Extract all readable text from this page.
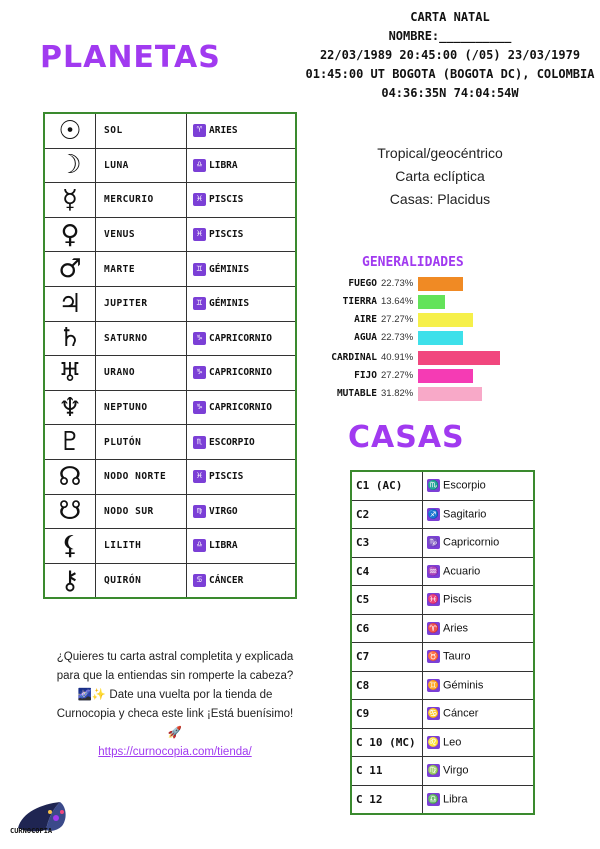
PLANETAS
CARTA NATAL
NOMBRE:__________
22/03/1989 20:45:00 (/05) 23/03/1979
01:45:00 UT BOGOTA (BOGOTA DC), COLOMBIA
04:36:35N 74:04:54W
Tropical/geocéntrico
Carta eclíptica
Casas: Placidus
☉	SOL	♈ ARIES
☽	LUNA	♎ LIBRA
☿	MERCURIO	♓ PISCIS
♀	VENUS	♓ PISCIS
♂	MARTE	♊ GÉMINIS
♃	JUPITER	♊ GÉMINIS
♄	SATURNO	♑ CAPRICORNIO
♅	URANO	♑ CAPRICORNIO
♆	NEPTUNO	♑ CAPRICORNIO
♇	PLUTÓN	♏ ESCORPIO
☊	NODO NORTE	♓ PISCIS
☋	NODO SUR	♍ VIRGO
⚸	LILITH	♎ LIBRA
⚷	QUIRÓN	♋ CÁNCER
GENERALIDADES
FUEGO 22.73%
TIERRA 13.64%
AIRE 27.27%
AGUA 22.73%
CARDINAL 40.91%
FIJO 27.27%
MUTABLE 31.82%
CASAS
C1 (AC)	♏ Escorpio
C2	♐ Sagitario
C3	♑ Capricornio
C4	♒ Acuario
C5	♓ Piscis
C6	♈ Aries
C7	♉ Tauro
C8	♊ Géminis
C9	♋ Cáncer
C 10 (MC)	♌ Leo
C 11	♍ Virgo
C 12	♎ Libra
¿Quieres tu carta astral completita y explicada
para que la entiendas sin romperte la cabeza?
🌌✨ Date una vuelta por la tienda de
Curnocopia y checa este link ¡Está buenísimo!
🚀
https://curnocopia.com/tienda/
CURNOCOPIA
